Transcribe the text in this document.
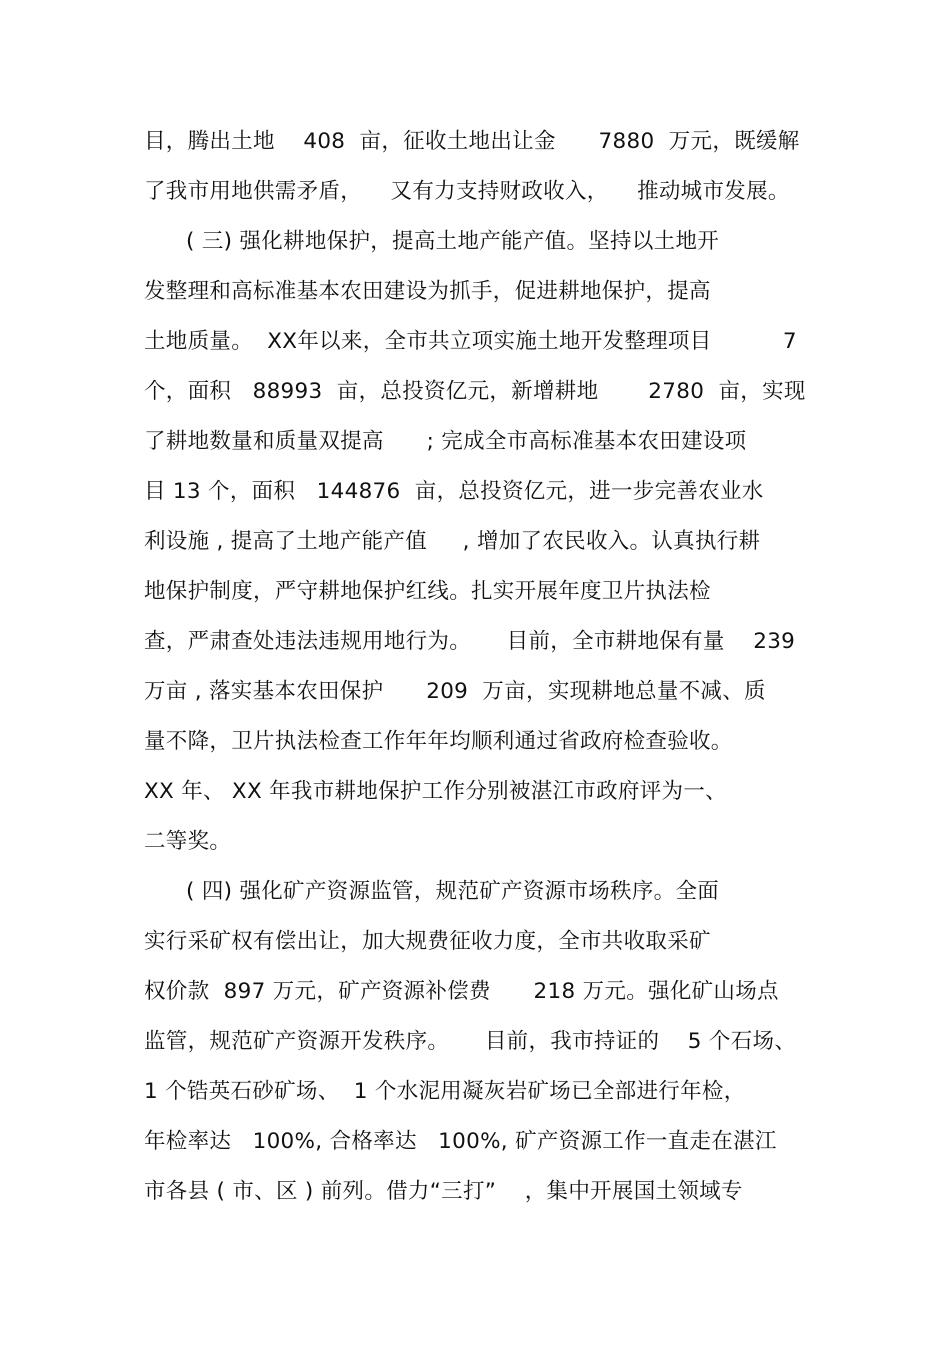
目，腾出土地    408  亩，征收土地出让金      7880  万元，既缓解
了我市用地供需矛盾，    又有力支持财政收入，    推动城市发展。
( 三) 强化耕地保护，提高土地产能产值。坚持以土地开
发整理和高标准基本农田建设为抓手，促进耕地保护，提高
土地质量。  XX年以来，全市共立项实施土地开发整理项目          7
个，面积   88993  亩，总投资亿元，新增耕地       2780  亩，实现
了耕地数量和质量双提高      ; 完成全市高标准基本农田建设项
目 13 个，面积   144876  亩，总投资亿元，进一步完善农业水
利设施 , 提高了土地产能产值     , 增加了农民收入。认真执行耕
地保护制度，严守耕地保护红线。扎实开展年度卫片执法检
查，严肃查处违法违规用地行为。     目前，全市耕地保有量    239
万亩 , 落实基本农田保护      209  万亩，实现耕地总量不减、质
量不降，卫片执法检查工作年年均顺利通过省政府检查验收。
XX 年、 XX 年我市耕地保护工作分别被湛江市政府评为一、
二等奖。
( 四) 强化矿产资源监管，规范矿产资源市场秩序。全面
实行采矿权有偿出让，加大规费征收力度，全市共收取采矿
权价款  897 万元，矿产资源补偿费      218 万元。强化矿山场点
监管，规范矿产资源开发秩序。     目前，我市持证的    5 个石场、
1 个锆英石砂矿场、  1 个水泥用凝灰岩矿场已全部进行年检，
年检率达   100%, 合格率达   100%, 矿产资源工作一直走在湛江
市各县 ( 市、区 ) 前列。借力“三打”    ，集中开展国土领域专
